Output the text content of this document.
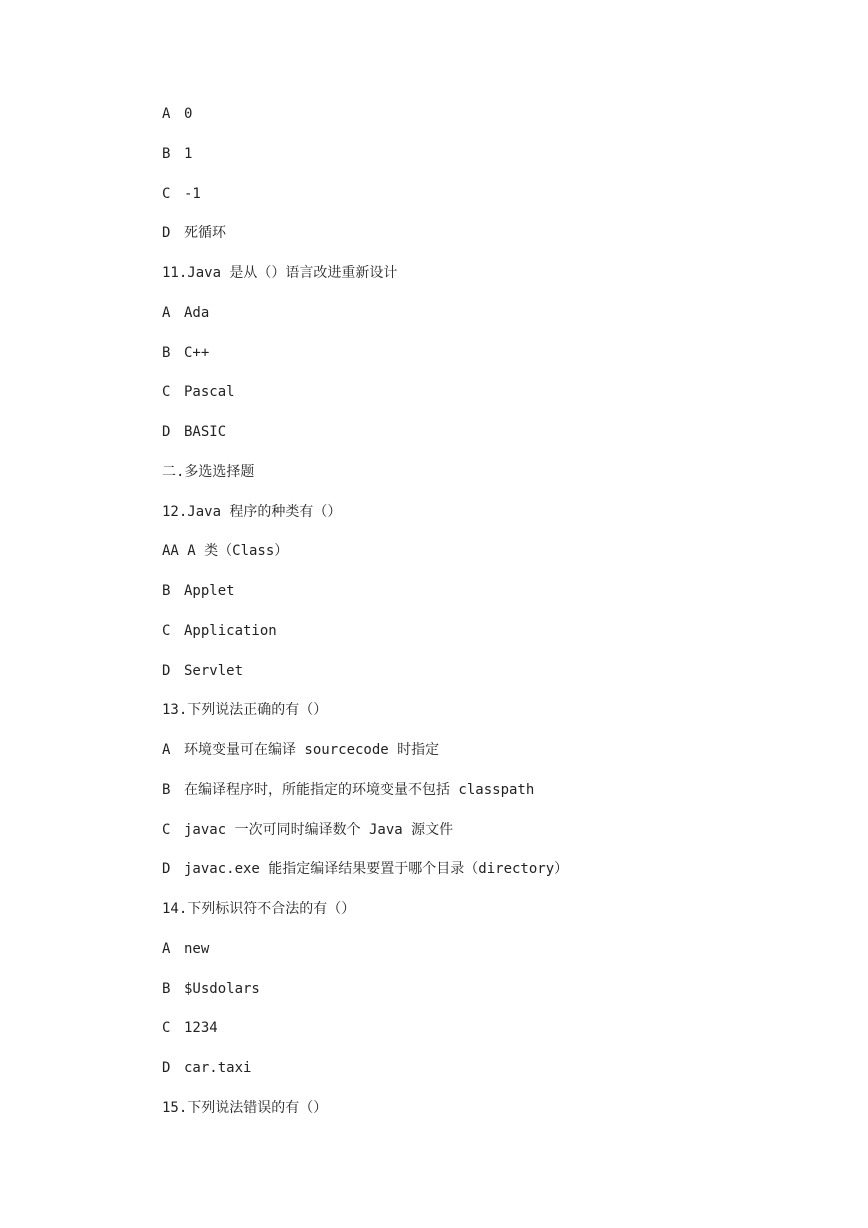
A 0
B 1
C -1
D 死循环
11.Java 是从（）语言改进重新设计
A Ada
B C++
C Pascal
D BASIC
二.多选选择题
12.Java 程序的种类有（）
AA A 类（Class）
B Applet
C Application
D Servlet
13.下列说法正确的有（）
A 环境变量可在编译 sourcecode 时指定
B 在编译程序时，所能指定的环境变量不包括 classpath
C javac 一次可同时编译数个 Java 源文件
D javac.exe 能指定编译结果要置于哪个目录（directory）
14.下列标识符不合法的有（）
A new
B $Usdolars
C 1234
D car.taxi
15.下列说法错误的有（）
